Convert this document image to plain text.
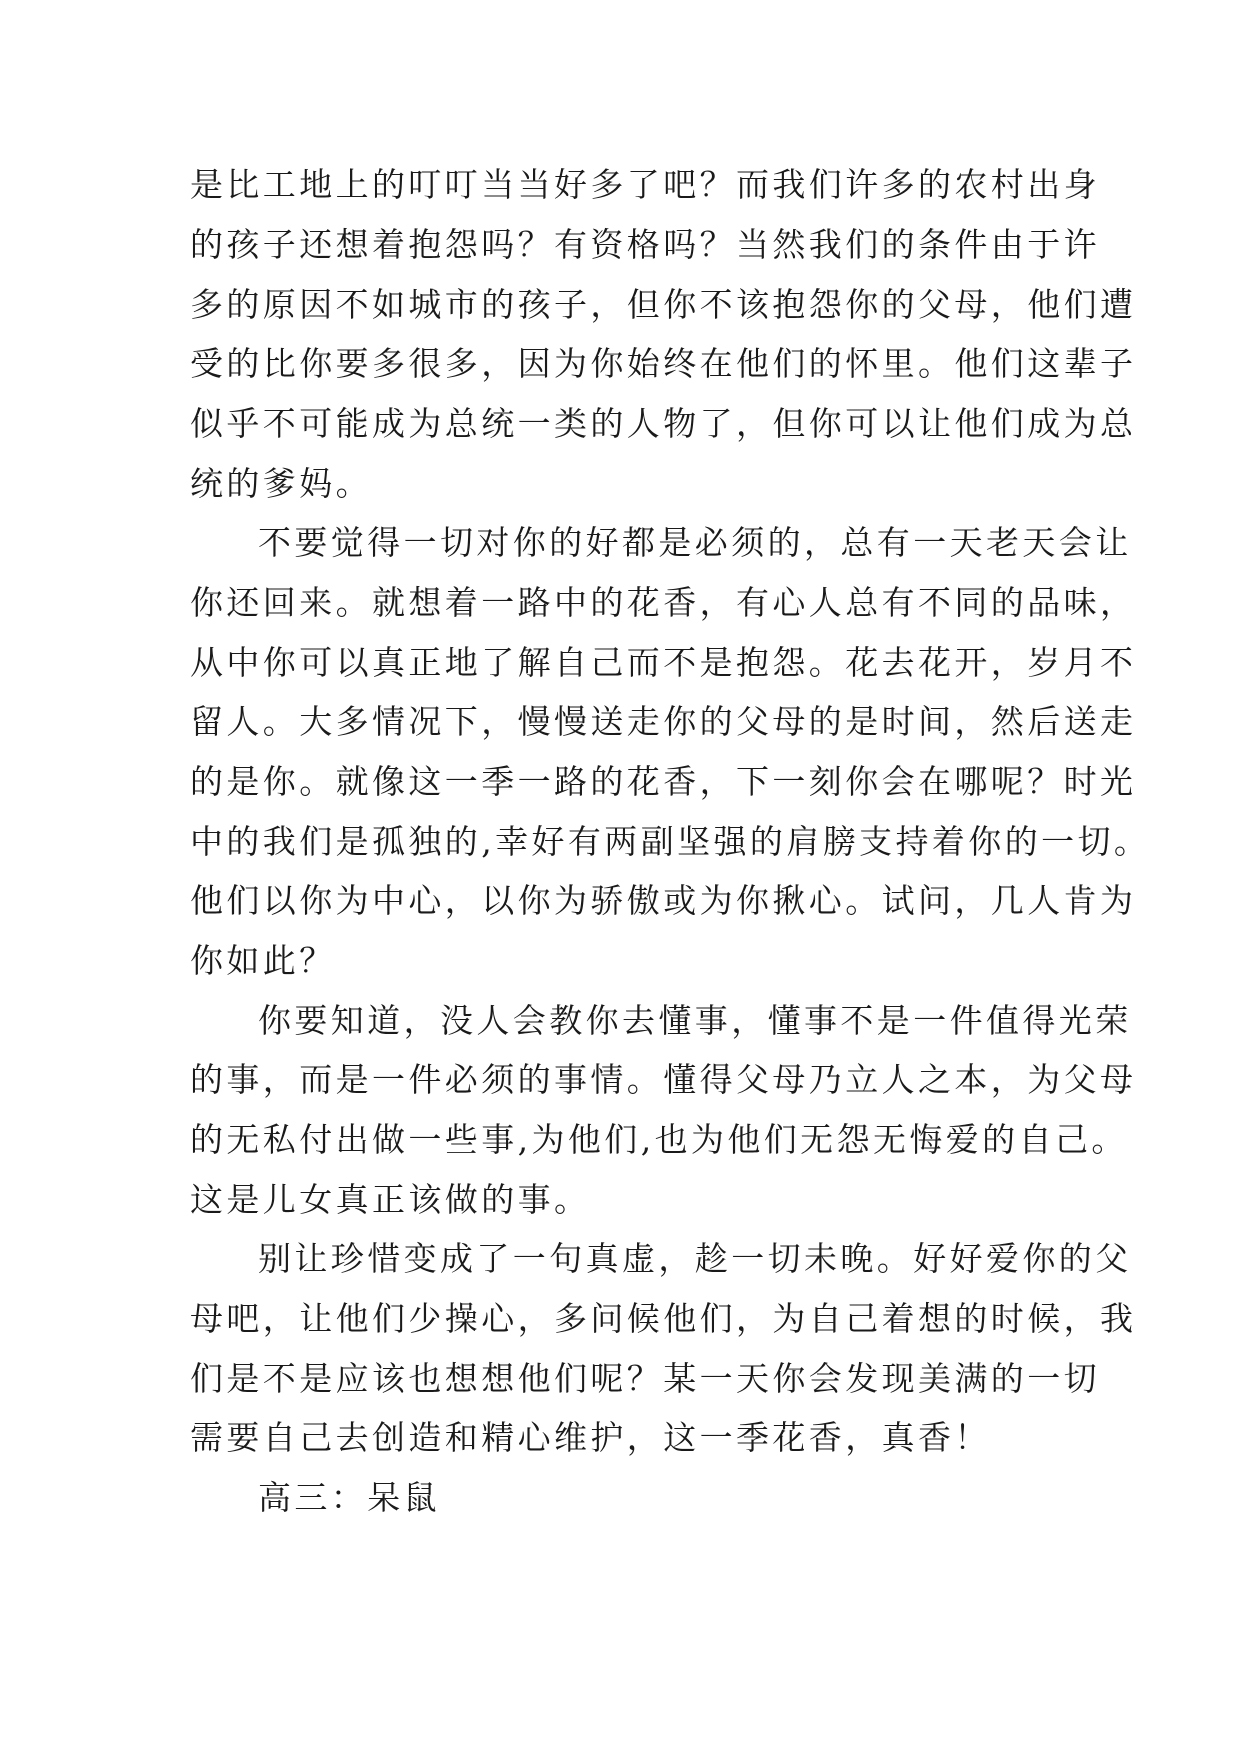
是比工地上的叮叮当当好多了吧？而我们许多的农村出身

的孩子还想着抱怨吗？有资格吗？当然我们的条件由于许

多的原因不如城市的孩子，但你不该抱怨你的父母，他们遭

受的比你要多很多，因为你始终在他们的怀里。他们这辈子

似乎不可能成为总统一类的人物了，但你可以让他们成为总

统的爹妈。

不要觉得一切对你的好都是必须的，总有一天老天会让

你还回来。就想着一路中的花香，有心人总有不同的品味，

从中你可以真正地了解自己而不是抱怨。花去花开，岁月不

留人。大多情况下，慢慢送走你的父母的是时间，然后送走

的是你。就像这一季一路的花香，下一刻你会在哪呢？时光

中的我们是孤独的,幸好有两副坚强的肩膀支持着你的一切。

他们以你为中心，以你为骄傲或为你揪心。试问，几人肯为

你如此？

你要知道，没人会教你去懂事，懂事不是一件值得光荣

的事，而是一件必须的事情。懂得父母乃立人之本，为父母

的无私付出做一些事,为他们,也为他们无怨无悔爱的自己。

这是儿女真正该做的事。

别让珍惜变成了一句真虚，趁一切未晚。好好爱你的父

母吧，让他们少操心，多问候他们，为自己着想的时候，我

们是不是应该也想想他们呢？某一天你会发现美满的一切

需要自己去创造和精心维护，这一季花香，真香！

高三：呆鼠
